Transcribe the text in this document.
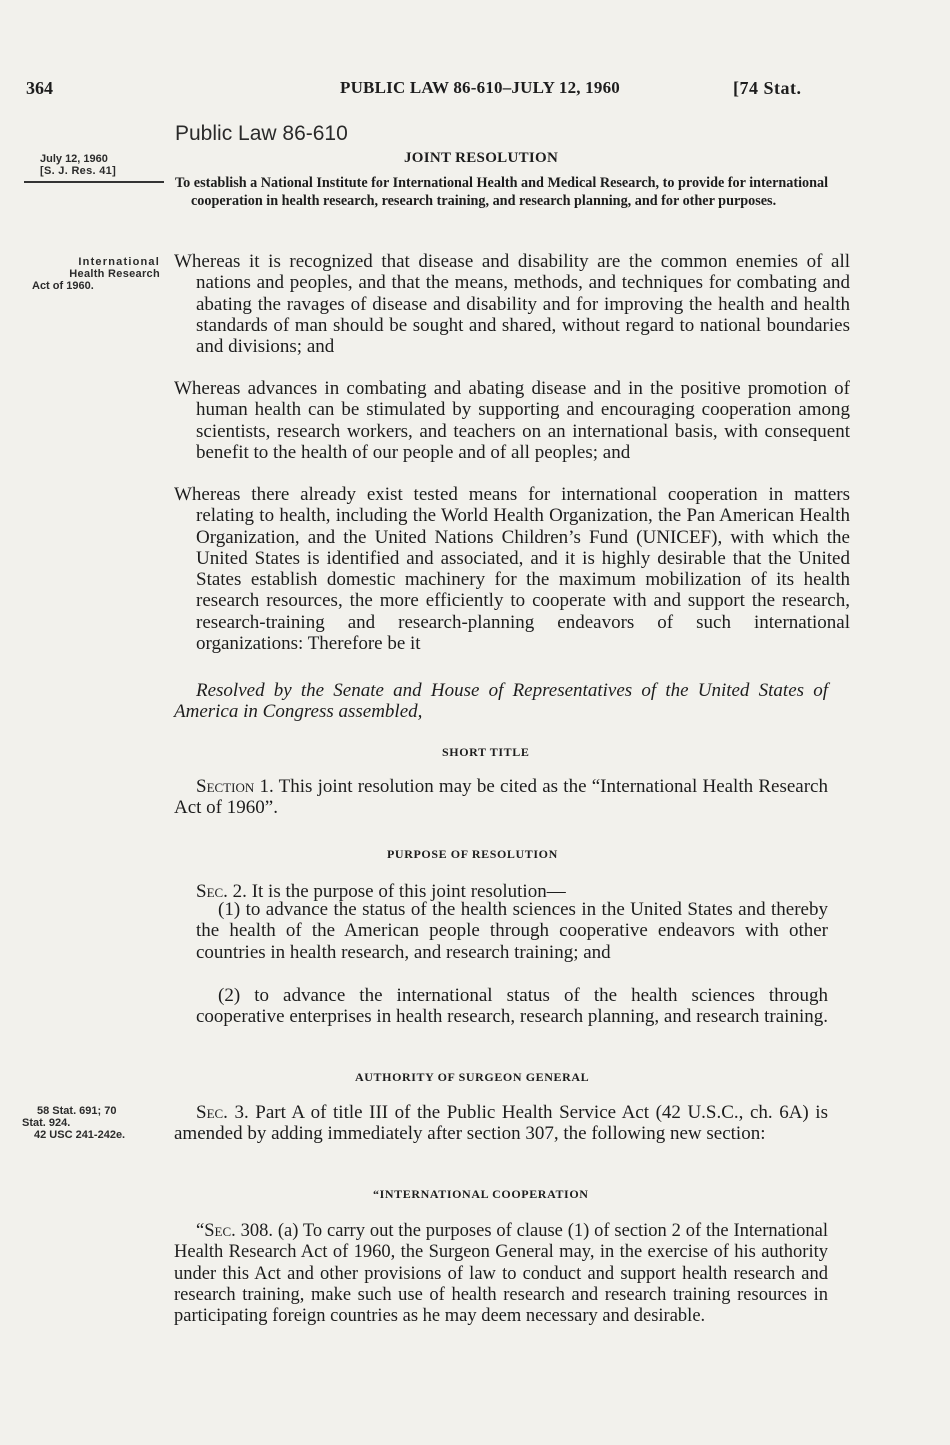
364	PUBLIC LAW 86-610–JULY 12, 1960	[74 Stat.
Public Law 86-610
July 12, 1960
[S. J. Res. 41]
JOINT RESOLUTION
To establish a National Institute for International Health and Medical Research, to provide for international cooperation in health research, research training, and research planning, and for other purposes.
International
Health Research
Act of 1960.
Whereas it is recognized that disease and disability are the common enemies of all nations and peoples, and that the means, methods, and techniques for combating and abating the ravages of disease and disability and for improving the health and health standards of man should be sought and shared, without regard to national boundaries and divisions; and
Whereas advances in combating and abating disease and in the positive promotion of human health can be stimulated by supporting and encouraging cooperation among scientists, research workers, and teachers on an international basis, with consequent benefit to the health of our people and of all peoples; and
Whereas there already exist tested means for international cooperation in matters relating to health, including the World Health Organization, the Pan American Health Organization, and the United Nations Children’s Fund (UNICEF), with which the United States is identified and associated, and it is highly desirable that the United States establish domestic machinery for the maximum mobilization of its health research resources, the more efficiently to cooperate with and support the research, research-training and research-planning endeavors of such international organizations: Therefore be it
Resolved by the Senate and House of Representatives of the United States of America in Congress assembled,
SHORT TITLE
Section 1. This joint resolution may be cited as the “International Health Research Act of 1960”.
PURPOSE OF RESOLUTION
Sec. 2. It is the purpose of this joint resolution—
(1) to advance the status of the health sciences in the United States and thereby the health of the American people through cooperative endeavors with other countries in health research, and research training; and
(2) to advance the international status of the health sciences through cooperative enterprises in health research, research planning, and research training.
AUTHORITY OF SURGEON GENERAL
58 Stat. 691; 70
Stat. 924.
42 USC 241-242e.
Sec. 3. Part A of title III of the Public Health Service Act (42 U.S.C., ch. 6A) is amended by adding immediately after section 307, the following new section:
“INTERNATIONAL COOPERATION
“Sec. 308. (a) To carry out the purposes of clause (1) of section 2 of the International Health Research Act of 1960, the Surgeon General may, in the exercise of his authority under this Act and other provisions of law to conduct and support health research and research training, make such use of health research and research training resources in participating foreign countries as he may deem necessary and desirable.
